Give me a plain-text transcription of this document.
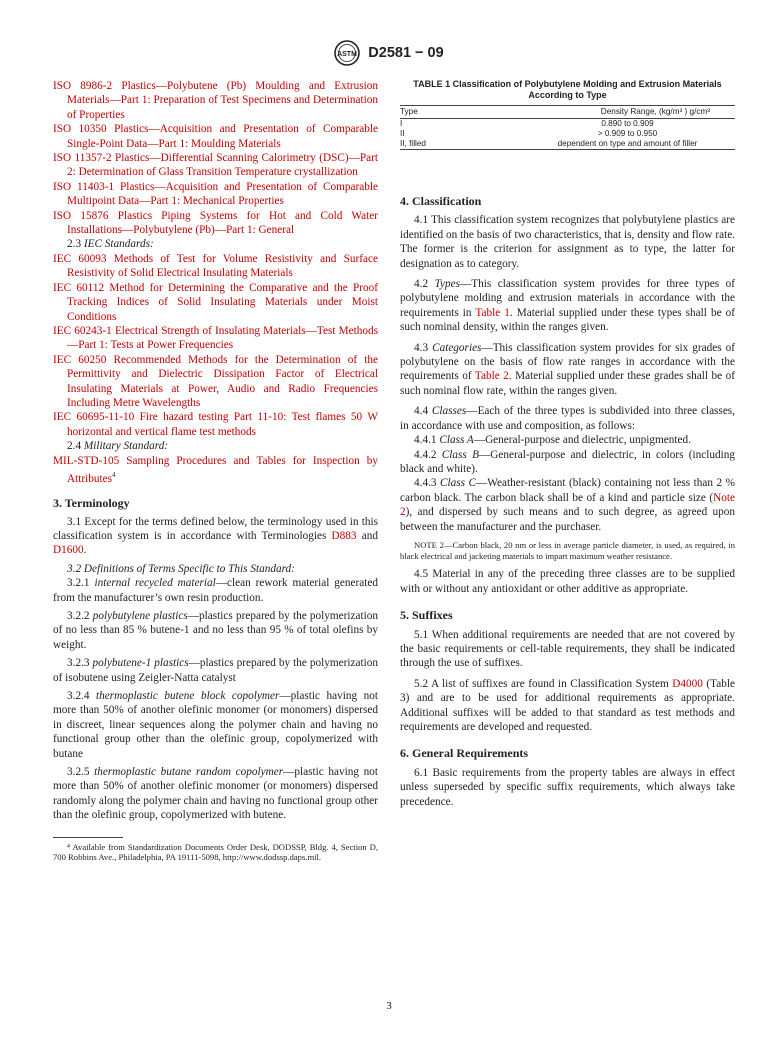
ASTM D2581 − 09

ISO 8986-2 Plastics—Polybutene (Pb) Moulding and Extrusion Materials—Part 1: Preparation of Test Specimens and Determination of Properties

ISO 10350 Plastics—Acquisition and Presentation of Comparable Single-Point Data—Part 1: Moulding Materials

ISO 11357-2 Plastics—Differential Scanning Calorimetry (DSC)—Part 2: Determination of Glass Transition Temperature crystallization

ISO 11403-1 Plastics—Acquisition and Presentation of Comparable Multipoint Data—Part 1: Mechanical Properties

ISO 15876 Plastics Piping Systems for Hot and Cold Water Installations—Polybutylene (Pb)—Part 1: General

2.3 IEC Standards:

IEC 60093 Methods of Test for Volume Resistivity and Surface Resistivity of Solid Electrical Insulating Materials

IEC 60112 Method for Determining the Comparative and the Proof Tracking Indices of Solid Insulating Materials under Moist Conditions

IEC 60243-1 Electrical Strength of Insulating Materials—Test Methods—Part 1: Tests at Power Frequencies

IEC 60250 Recommended Methods for the Determination of the Permittivity and Dielectric Dissipation Factor of Electrical Insulating Materials at Power, Audio and Radio Frequencies Including Metre Wavelengths

IEC 60695-11-10 Fire hazard testing Part 11-10: Test flames 50 W horizontal and vertical flame test methods

2.4 Military Standard:

MIL-STD-105 Sampling Procedures and Tables for Inspection by Attributes$^4$

3. Terminology

3.1 Except for the terms defined below, the terminology used in this classification system is in accordance with Terminologies D883 and D1600.

3.2 Definitions of Terms Specific to This Standard:

3.2.1 internal recycled material—clean rework material generated from the manufacturer’s own resin production.

3.2.2 polybutylene plastics—plastics prepared by the polymerization of no less than 85 % butene-1 and no less than 95 % of total olefins by weight.

3.2.3 polybutene-1 plastics—plastics prepared by the polymerization of isobutene using Zeigler-Natta catalyst

3.2.4 thermoplastic butene block copolymer—plastic having not more than 50% of another olefinic monomer (or monomers) dispersed in discreet, linear sequences along the polymer chain and having no functional group other than the olefinic group, copolymerized with butane

3.2.5 thermoplastic butane random copolymer—plastic having not more than 50% of another olefinic monomer (or monomers) dispersed randomly along the polymer chain and having no functional group other than the olefinic group, copolymerized with butene.

⁴ Available from Standardization Documents Order Desk, DODSSP, Bldg. 4, Section D, 700 Robbins Ave., Philadelphia, PA 19111-5098, http://www.dodssp.daps.mil.

TABLE 1 Classification of Polybutylene Molding and Extrusion Materials According to Type

Type	Density Range, (kg/m³ ) g/cm³
I	0.890 to 0.909
II	> 0.909 to 0.950
II, filled	dependent on type and amount of filler

4. Classification

4.1 This classification system recognizes that polybutylene plastics are identified on the basis of two characteristics, that is, density and flow rate. The former is the criterion for assignment as to type, the latter for designation as to category.

4.2 Types—This classification system provides for three types of polybutylene molding and extrusion materials in accordance with the requirements in Table 1. Material supplied under these types shall be of such nominal density, within the ranges given.

4.3 Categories—This classification system provides for six grades of polybutylene on the basis of flow rate ranges in accordance with the requirements of Table 2. Material supplied under these grades shall be of such nominal flow rate, within the ranges given.

4.4 Classes—Each of the three types is subdivided into three classes, in accordance with use and composition, as follows:

4.4.1 Class A—General-purpose and dielectric, unpigmented.

4.4.2 Class B—General-purpose and dielectric, in colors (including black and white).

4.4.3 Class C—Weather-resistant (black) containing not less than 2 % carbon black. The carbon black shall be of a kind and particle size (Note 2), and dispersed by such means and to such degree, as agreed upon between the manufacturer and the purchaser.

NOTE 2—Carbon black, 20 nm or less in average particle diameter, is used, as required, in black electrical and jacketing materials to impart maximum weather resistance.

4.5 Material in any of the preceding three classes are to be supplied with or without any antioxidant or other additive as appropriate.

5. Suffixes

5.1 When additional requirements are needed that are not covered by the basic requirements or cell-table requirements, they shall be indicated through the use of suffixes.

5.2 A list of suffixes are found in Classification System D4000 (Table 3) and are to be used for additional requirements as appropriate. Additional suffixes will be added to that standard as test methods and requirements are developed and requested.

6. General Requirements

6.1 Basic requirements from the property tables are always in effect unless superseded by specific suffix requirements, which always take precedence.

3
